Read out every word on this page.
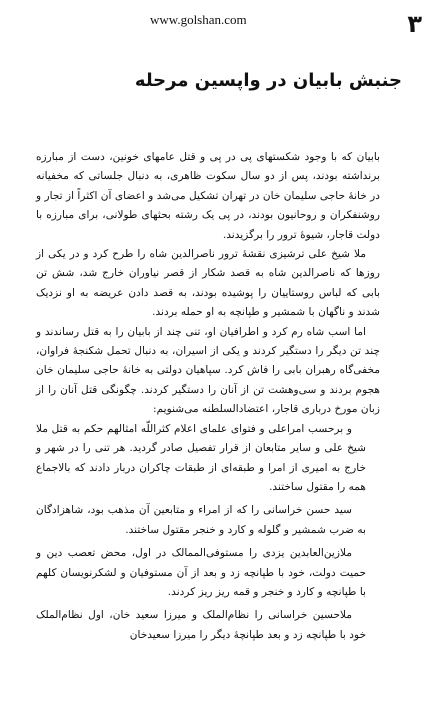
www.golshan.com	۳
جنبش بابیان در واپسین مرحله

بابیان که با وجود شکستهای پی در پی و قتل عامهای خونین، دست از مبارزه برنداشته بودند، پس از دو سال سکوت ظاهری، به دنبال جلساتی که مخفیانه در خانهٔ حاجی سلیمان خان در تهران تشکیل می‌شد و اعضای آن اکثراً از تجار و روشنفکران و روحانیون بودند، در پی یک رشته بحثهای طولانی، برای مبارزه با دولت قاجار، شیوهٔ ترور را برگزیدند.

ملا شیخ علی ترشیزی نقشهٔ ترور ناصرالدین شاه را طرح کرد و در یکی از روزها که ناصرالدین شاه به قصد شکار از قصر نیاوران خارج شد، شش تن بابی که لباس روستاییان را پوشیده بودند، به قصد دادن عریضه به او نزدیک شدند و ناگهان با شمشیر و طپانچه به او حمله بردند.

اما اسب شاه رم کرد و اطرافیان او، تنی چند از بابیان را به قتل رساندند و چند تن دیگر را دستگیر کردند و یکی از اسیران، به دنبال تحمل شکنجهٔ فراوان، مخفی‌گاه رهبران بابی را فاش کرد. سپاهیان دولتی به خانهٔ حاجی سلیمان خان هجوم بردند و سی‌وهشت تن از آنان را دستگیر کردند. چگونگی قتل آنان را از زبان مورخ درباری قاجار، اعتضادالسلطنه می‌شنویم:

و برحسب امراعلی و فتوای علمای اعلام کثراللّه امثالهم حکم به قتل ملا شیخ علی و سایر متابعان از قرار تفصیل صادر گردید. هر تنی را در شهر و خارج به امیری از امرا و طبقه‌ای از طبقات چاکران دربار دادند که بالاجماع همه را مقتول ساختند.

سید حسن خراسانی را که از امراء و متابعین آن مذهب بود، شاهزادگان به ضرب شمشیر و گلوله و کارد و خنجر مقتول ساختند.

ملازین‌العابدین یزدی را مستوفی‌الممالک در اول، محض تعصب دین و حمیت دولت، خود با طپانچه زد و بعد از آن مستوفیان و لشکرنویسان کلهم با طپانچه و کارد و خنجر و قمه ریز ریز کردند.

ملاحسین خراسانی را نظام‌الملک و میرزا سعید خان، اول نظام‌الملک خود با طپانچه زد و بعد طپانچهٔ دیگر را میرزا سعیدخان
